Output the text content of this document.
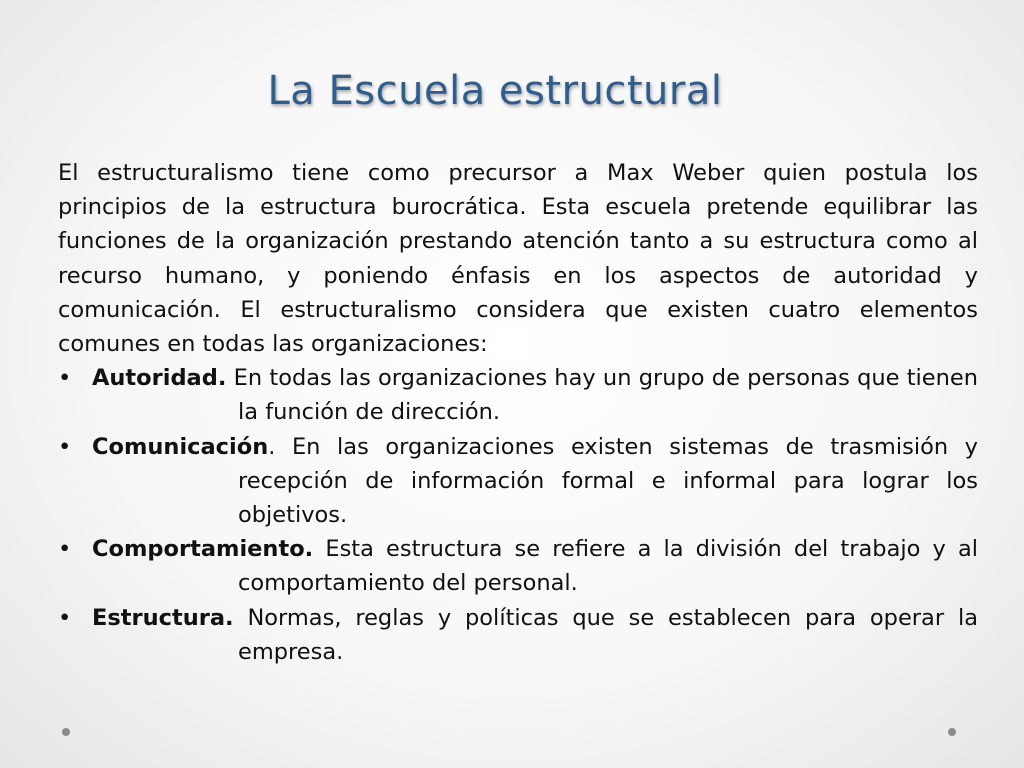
La Escuela estructural

El estructuralismo tiene como precursor a Max Weber quien postula los principios de la estructura burocrática. Esta escuela pretende equilibrar las funciones de la organización prestando atención tanto a su estructura como al recurso humano, y poniendo énfasis en los aspectos de autoridad y comunicación. El estructuralismo considera que existen cuatro elementos comunes en todas las organizaciones:

• Autoridad. En todas las organizaciones hay un grupo de personas que tienen la función de dirección.
• Comunicación. En las organizaciones existen sistemas de trasmisión y recepción de información formal e informal para lograr los objetivos.
• Comportamiento. Esta estructura se refiere a la división del trabajo y al comportamiento del personal.
• Estructura. Normas, reglas y políticas que se establecen para operar la empresa.
